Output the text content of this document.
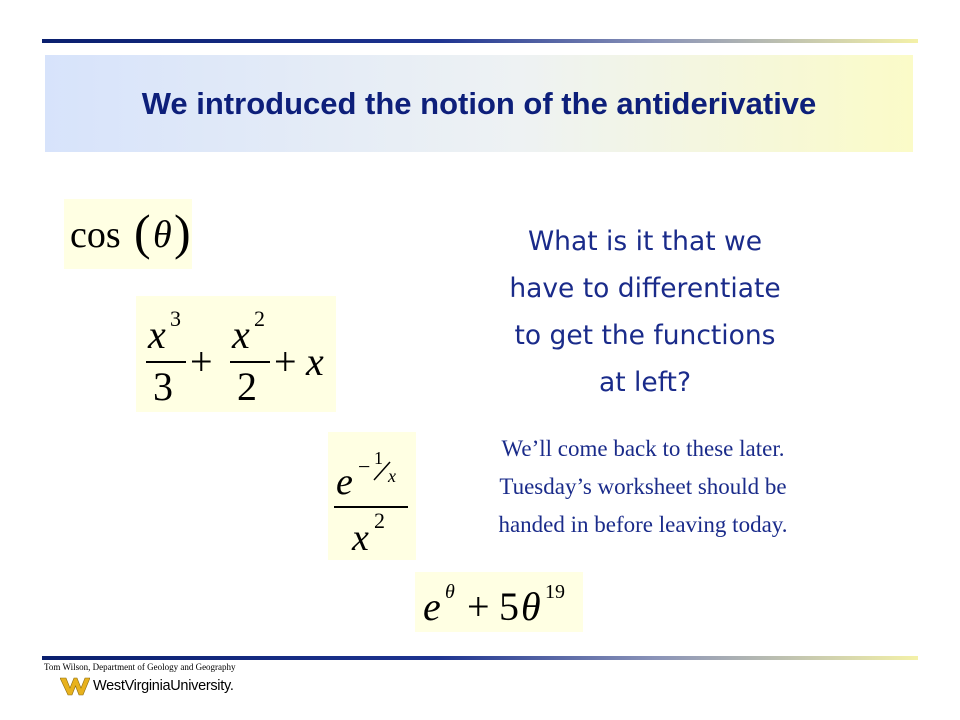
We introduced the notion of the antiderivative
cos ( θ )
x 3
3
+
x 2
2
+ x
e − 1
x
x 2
e θ + 5 θ 19
What is it that we
have to differentiate
to get the functions
at left?
We’ll come back to these later.
Tuesday’s worksheet should be
handed in before leaving today.
Tom Wilson, Department of Geology and Geography
WestVirginiaUniversity.
